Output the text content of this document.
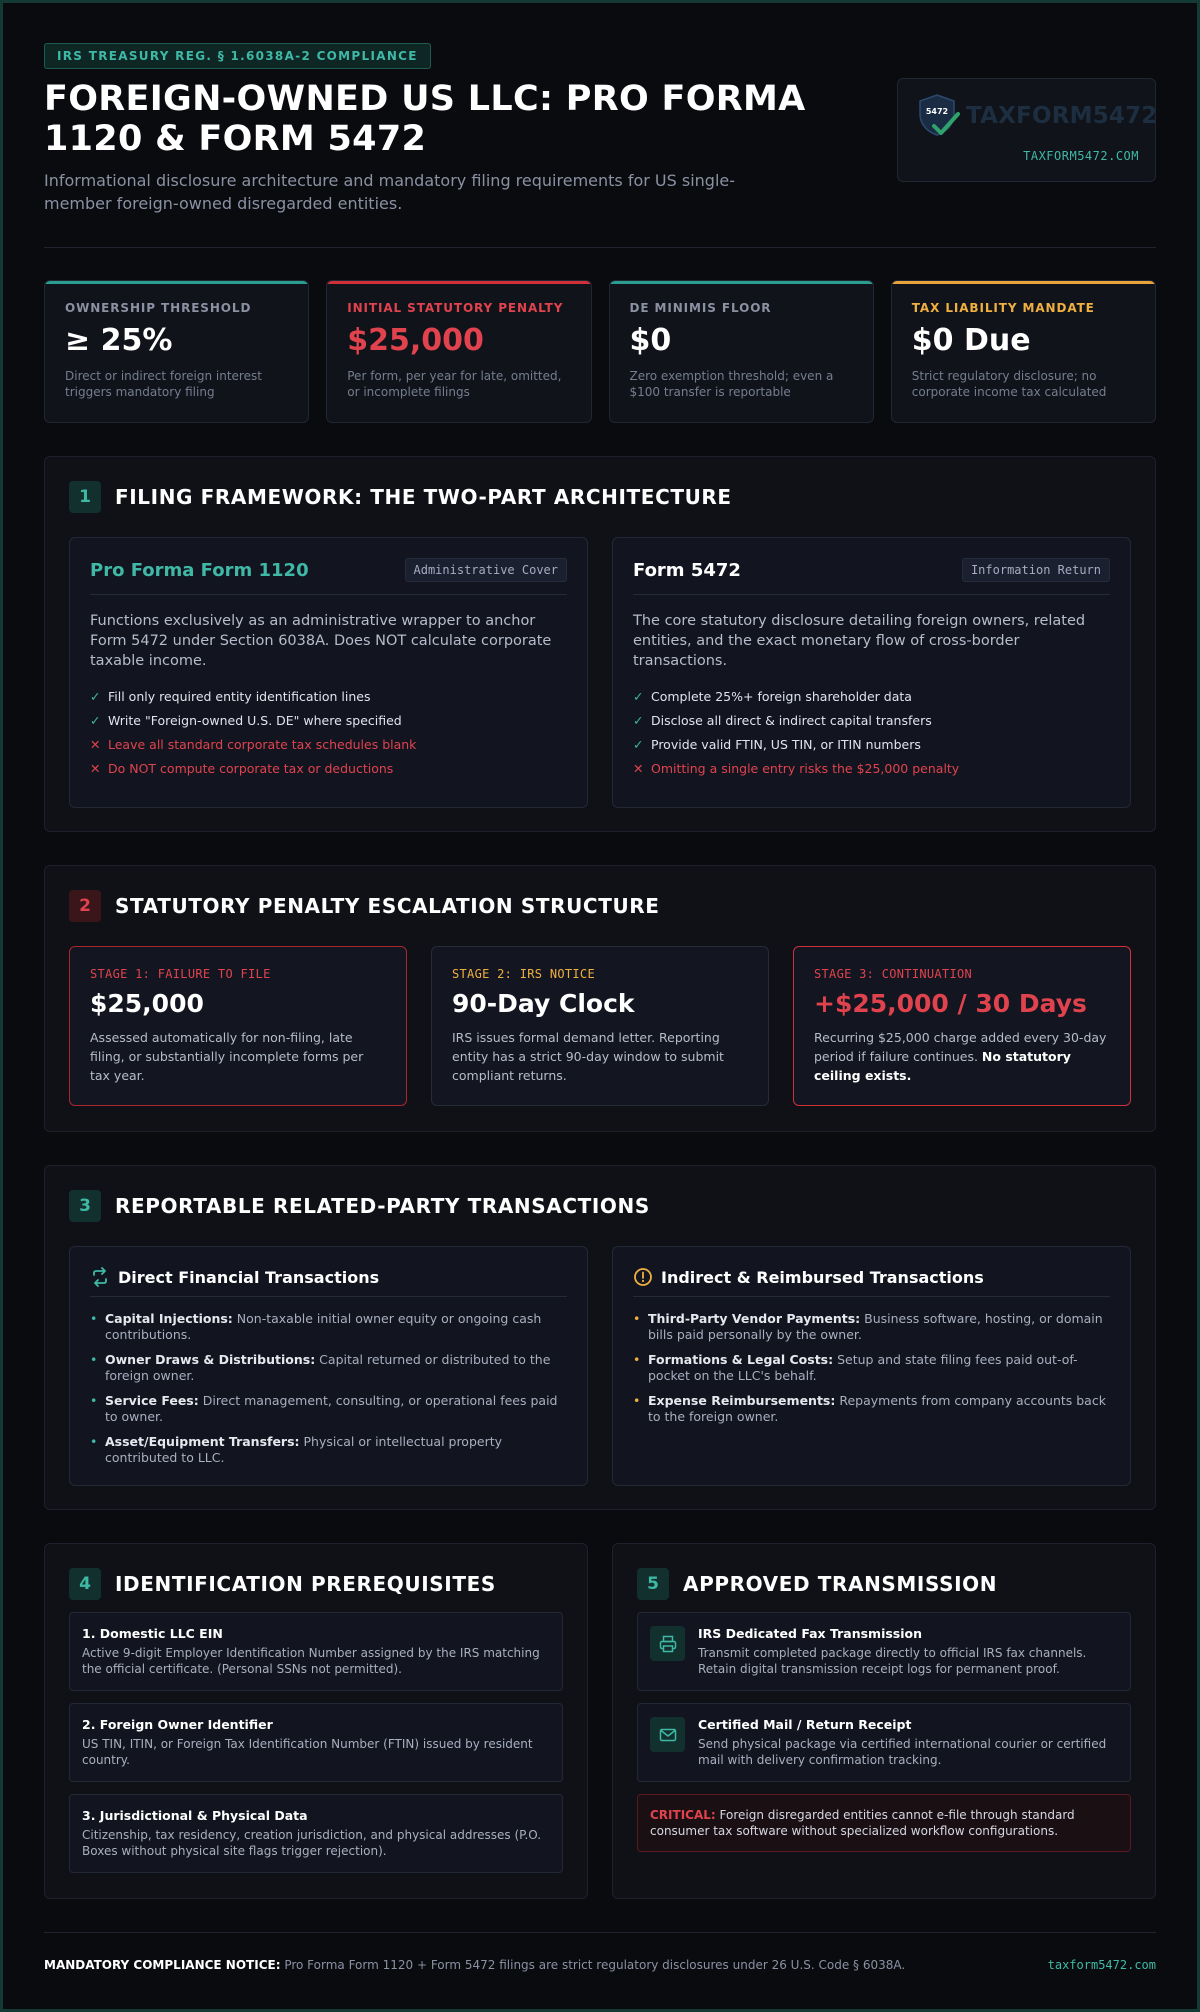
IRS TREASURY REG. § 1.6038A-2 COMPLIANCE
FOREIGN-OWNED US LLC: PRO FORMA 1120 & FORM 5472

Informational disclosure architecture and mandatory filing requirements for US single-member foreign-owned disregarded entities.

5472 TAXFORM5472
TAXFORM5472.COM
OWNERSHIP THRESHOLD
≥ 25%
Direct or indirect foreign interest triggers mandatory filing
INITIAL STATUTORY PENALTY
$25,000
Per form, per year for late, omitted, or incomplete filings
DE MINIMIS FLOOR
$0
Zero exemption threshold; even a $100 transfer is reportable
TAX LIABILITY MANDATE
$0 Due
Strict regulatory disclosure; no corporate income tax calculated
1	FILING FRAMEWORK: THE TWO-PART ARCHITECTURE
Pro Forma Form 1120	Administrative Cover

Functions exclusively as an administrative wrapper to anchor Form 5472 under Section 6038A. Does NOT calculate corporate taxable income.

✓ Fill only required entity identification lines
✓ Write "Foreign-owned U.S. DE" where specified
✕ Leave all standard corporate tax schedules blank
✕ Do NOT compute corporate tax or deductions
Form 5472	Information Return

The core statutory disclosure detailing foreign owners, related entities, and the exact monetary flow of cross-border transactions.

✓ Complete 25%+ foreign shareholder data
✓ Disclose all direct & indirect capital transfers
✓ Provide valid FTIN, US TIN, or ITIN numbers
✕ Omitting a single entry risks the $25,000 penalty
2	STATUTORY PENALTY ESCALATION STRUCTURE
STAGE 1: FAILURE TO FILE
$25,000

Assessed automatically for non-filing, late filing, or substantially incomplete forms per tax year.

STAGE 2: IRS NOTICE
90-Day Clock

IRS issues formal demand letter. Reporting entity has a strict 90-day window to submit compliant returns.

STAGE 3: CONTINUATION
+$25,000 / 30 Days

Recurring $25,000 charge added every 30-day period if failure continues. No statutory ceiling exists.

3	REPORTABLE RELATED-PARTY TRANSACTIONS
Direct Financial Transactions
• Capital Injections: Non-taxable initial owner equity or ongoing cash contributions.
• Owner Draws & Distributions: Capital returned or distributed to the foreign owner.
• Service Fees: Direct management, consulting, or operational fees paid to owner.
• Asset/Equipment Transfers: Physical or intellectual property contributed to LLC.
Indirect & Reimbursed Transactions
• Third-Party Vendor Payments: Business software, hosting, or domain bills paid personally by the owner.
• Formations & Legal Costs: Setup and state filing fees paid out-of-pocket on the LLC's behalf.
• Expense Reimbursements: Repayments from company accounts back to the foreign owner.
4	IDENTIFICATION PREREQUISITES
1. Domestic LLC EIN
Active 9-digit Employer Identification Number assigned by the IRS matching the official certificate. (Personal SSNs not permitted).
2. Foreign Owner Identifier
US TIN, ITIN, or Foreign Tax Identification Number (FTIN) issued by resident country.
3. Jurisdictional & Physical Data
Citizenship, tax residency, creation jurisdiction, and physical addresses (P.O. Boxes without physical site flags trigger rejection).
5	APPROVED TRANSMISSION
IRS Dedicated Fax Transmission
Transmit completed package directly to official IRS fax channels. Retain digital transmission receipt logs for permanent proof.
Certified Mail / Return Receipt
Send physical package via certified international courier or certified mail with delivery confirmation tracking.
CRITICAL: Foreign disregarded entities cannot e-file through standard consumer tax software without specialized workflow configurations.
MANDATORY COMPLIANCE NOTICE: Pro Forma Form 1120 + Form 5472 filings are strict regulatory disclosures under 26 U.S. Code § 6038A.	taxform5472.com
